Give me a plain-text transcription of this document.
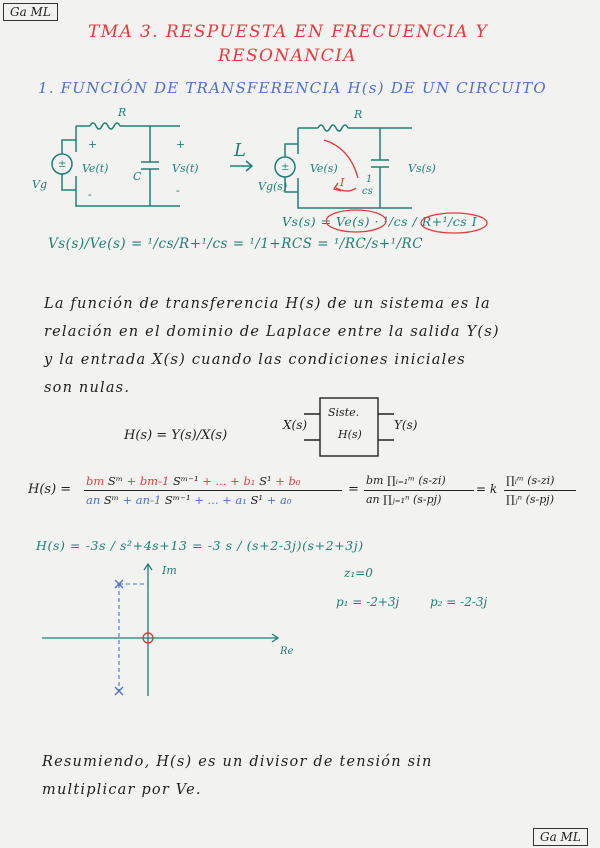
Ga ML
Ga ML
TMA 3. RESPUESTA EN FRECUENCIA Y
RESONANCIA
1. FUNCIÓN DE TRANSFERENCIA H(s) DE UN CIRCUITO
R
+
-
Ve(t)
C
Vs(t)
Vg
+
-
L
R
Ve(s)
1
cs
Vs(s)
Vg(s)	I
±	±
Vs(s) = Ve(s) · ¹/cs / R+¹/cs I
Vs(s)/Ve(s) = ¹/cs/R+¹/cs = ¹/1+RCS = ¹/RC/s+¹/RC
La función de transferencia H(s) de un sistema es la
relación en el dominio de Laplace entre la salida Y(s)
y la entrada X(s) cuando las condiciones iniciales
son nulas.
H(s) = Y(s)/X(s)
X(s)
Siste.
H(s)
Y(s)
H(s) =
bm Sᵐ + bm-1 Sᵐ⁻¹ + ... + b₁ S¹ + b₀
an Sᵐ + an-1 Sᵐ⁻¹ + ... + a₁ S¹ + a₀
=
bm ∏ᵢ₌₁ᵐ (s-zi)
an ∏ⱼ₌₁ⁿ (s-pj)
= k
∏ᵢᵐ (s-zi)
∏ⱼⁿ (s-pj)
H(s) = -3s / s²+4s+13 = -3 s / (s+2-3j)(s+2+3j)
Im
Re
z₁=0
p₁ = -2+3j	p₂ = -2-3j
Resumiendo, H(s) es un divisor de tensión sin
multiplicar por Ve.
